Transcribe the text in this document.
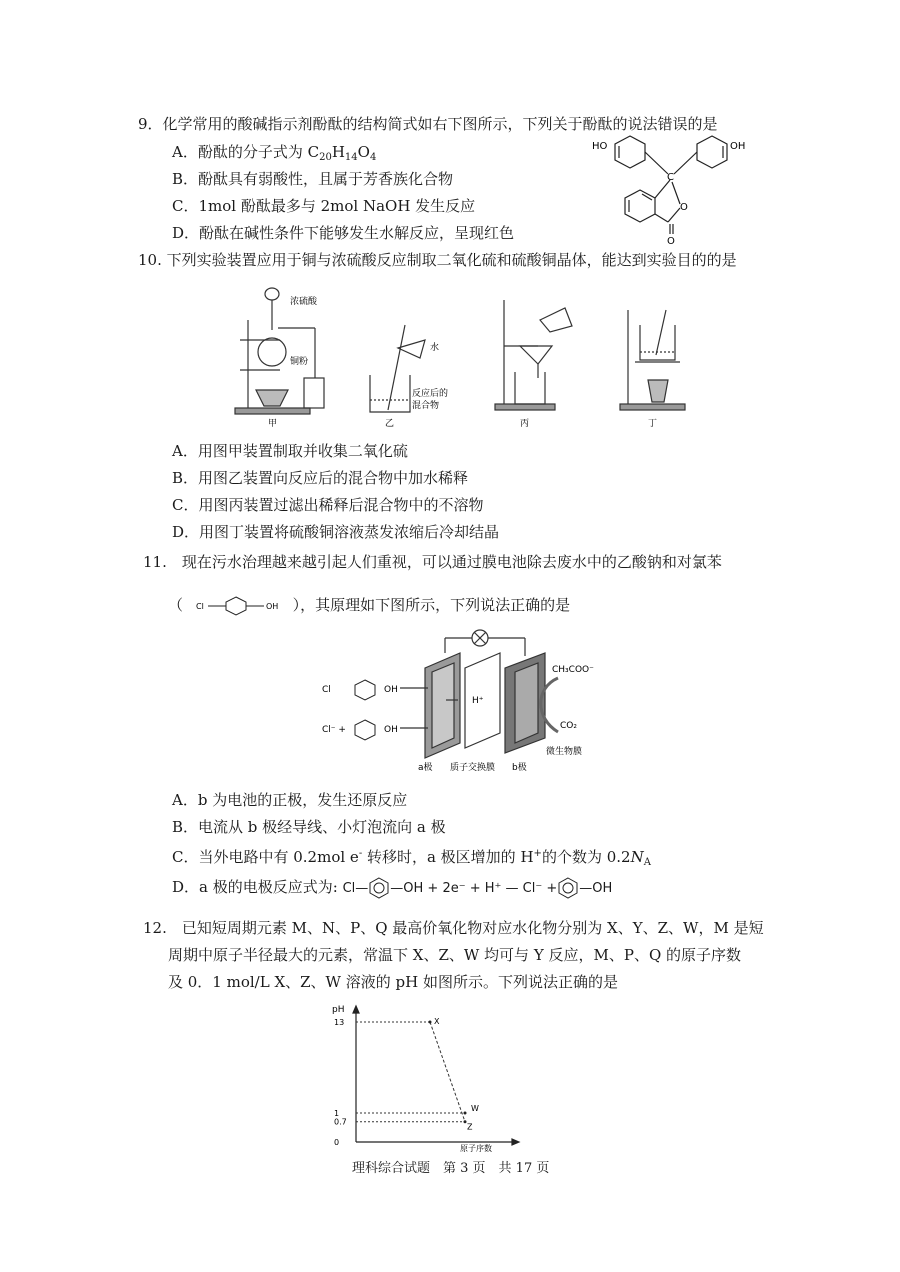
9．化学常用的酸碱指示剂酚酞的结构简式如右下图所示，下列关于酚酞的说法错误的是
A．酚酞的分子式为 $C_{20}H_{14}O_4$
B．酚酞具有弱酸性，且属于芳香族化合物
C．1mol 酚酞最多与 2mol NaOH 发生反应
D．酚酞在碱性条件下能够发生水解反应，呈现红色
HO	OH
C
O
O
10. 下列实验装置应用于铜与浓硫酸反应制取二氧化硫和硫酸铜晶体，能达到实验目的的是
浓硫酸
铜粉
水
反应后的
混合物
甲	乙	丙	丁
A．用图甲装置制取并收集二氧化硫
B．用图乙装置向反应后的混合物中加水稀释
C．用图丙装置过滤出稀释后混合物中的不溶物
D．用图丁装置将硫酸铜溶液蒸发浓缩后冷却结晶
11.　现在污水治理越来越引起人们重视，可以通过膜电池除去废水中的乙酸钠和对氯苯
（ Cl	OH ），其原理如下图所示，下列说法正确的是
Cl	OH
Cl⁻ +	OH
H⁺
CH₃COO⁻
CO₂
微生物膜
a极 质子交换膜 b极
A．b 为电池的正极，发生还原反应
B．电流从 b 极经导线、小灯泡流向 a 极
C．当外电路中有 0.2mol e- 转移时，a 极区增加的 H+的个数为 $0.2N_A$
D．a 极的电极反应式为: Cl— —OH + 2e⁻ + H⁺ — Cl⁻ + —OH
12.　已知短周期元素 M、N、P、Q 最高价氧化物对应水化物分别为 X、Y、Z、W，M 是短
周期中原子半径最大的元素，常温下 X、Z、W 均可与 Y 反应，M、P、Q 的原子序数
及 0．1 mol/L X、Z、W 溶液的 pH 如图所示。下列说法正确的是
13
1
0.7
0
X
Z
W
pH
原子序数
理科综合试题　第 3 页　共 17 页
